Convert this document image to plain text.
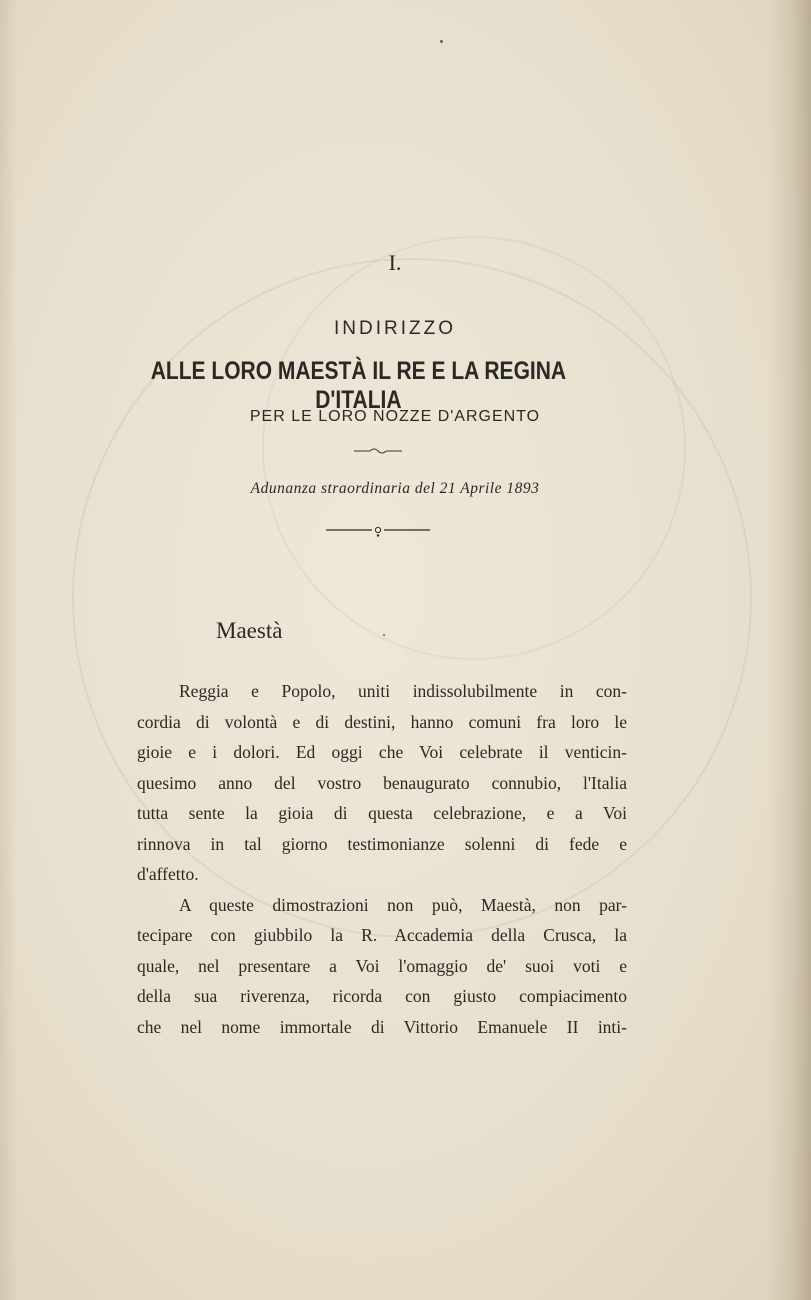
I.
INDIRIZZO
ALLE LORO MAESTÀ IL RE E LA REGINA D'ITALIA
PER LE LORO NOZZE D'ARGENTO
Adunanza straordinaria del 21 Aprile 1893
Maestà

Reggia e Popolo, uniti indissolubilmente in con-
cordia di volontà e di destini, hanno comuni fra loro le
gioie e i dolori. Ed oggi che Voi celebrate il venticin-
quesimo anno del vostro benaugurato connubio, l'Italia
tutta sente la gioia di questa celebrazione, e a Voi
rinnova in tal giorno testimonianze solenni di fede e
d'affetto.

A queste dimostrazioni non può, Maestà, non par-
tecipare con giubbilo la R. Accademia della Crusca, la
quale, nel presentare a Voi l'omaggio de' suoi voti e
della sua riverenza, ricorda con giusto compiacimento
che nel nome immortale di Vittorio Emanuele II inti-
